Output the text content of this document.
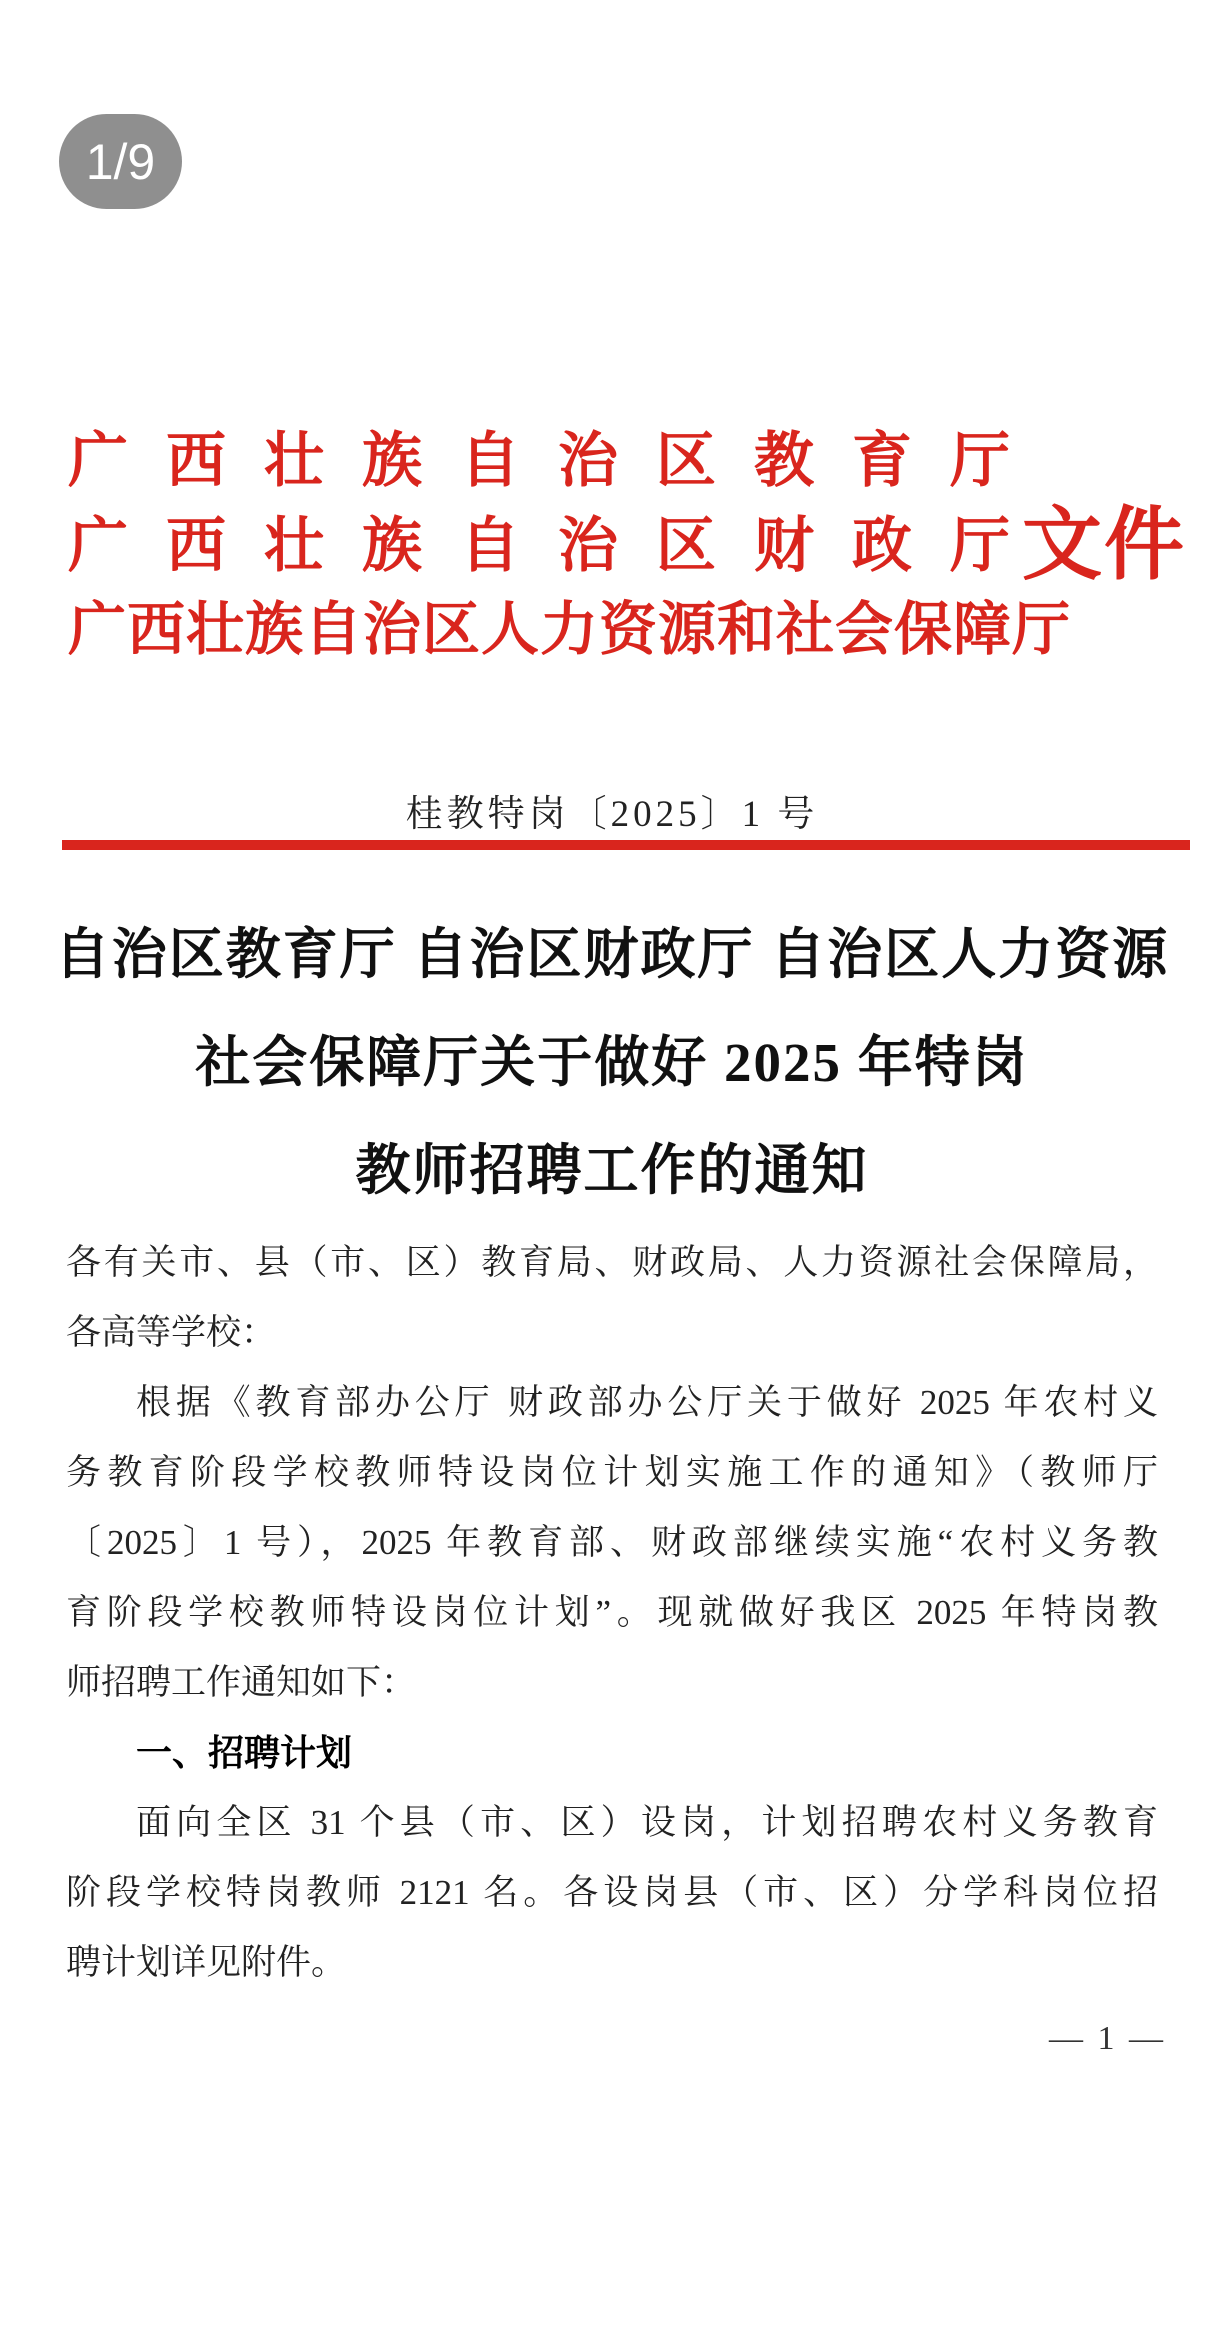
1/9
广西壮族自治区教育厅
广西壮族自治区财政厅
文件
广西壮族自治区人力资源和社会保障厅
桂教特岗〔2025〕1 号
自治区教育厅 自治区财政厅 自治区人力资源
社会保障厅关于做好 2025 年特岗
教师招聘工作的通知
各有关市、县（市、区）教育局、财政局、人力资源社会保障局，
各高等学校：
根据《教育部办公厅 财政部办公厅关于做好 2025 年农村义
务教育阶段学校教师特设岗位计划实施工作的通知》（教师厅
〔2025〕1 号），2025 年教育部、财政部继续实施“农村义务教
育阶段学校教师特设岗位计划”。现就做好我区 2025 年特岗教
师招聘工作通知如下：
一、招聘计划
面向全区 31 个县（市、区）设岗，计划招聘农村义务教育
阶段学校特岗教师 2121 名。各设岗县（市、区）分学科岗位招
聘计划详见附件。
— 1 —
